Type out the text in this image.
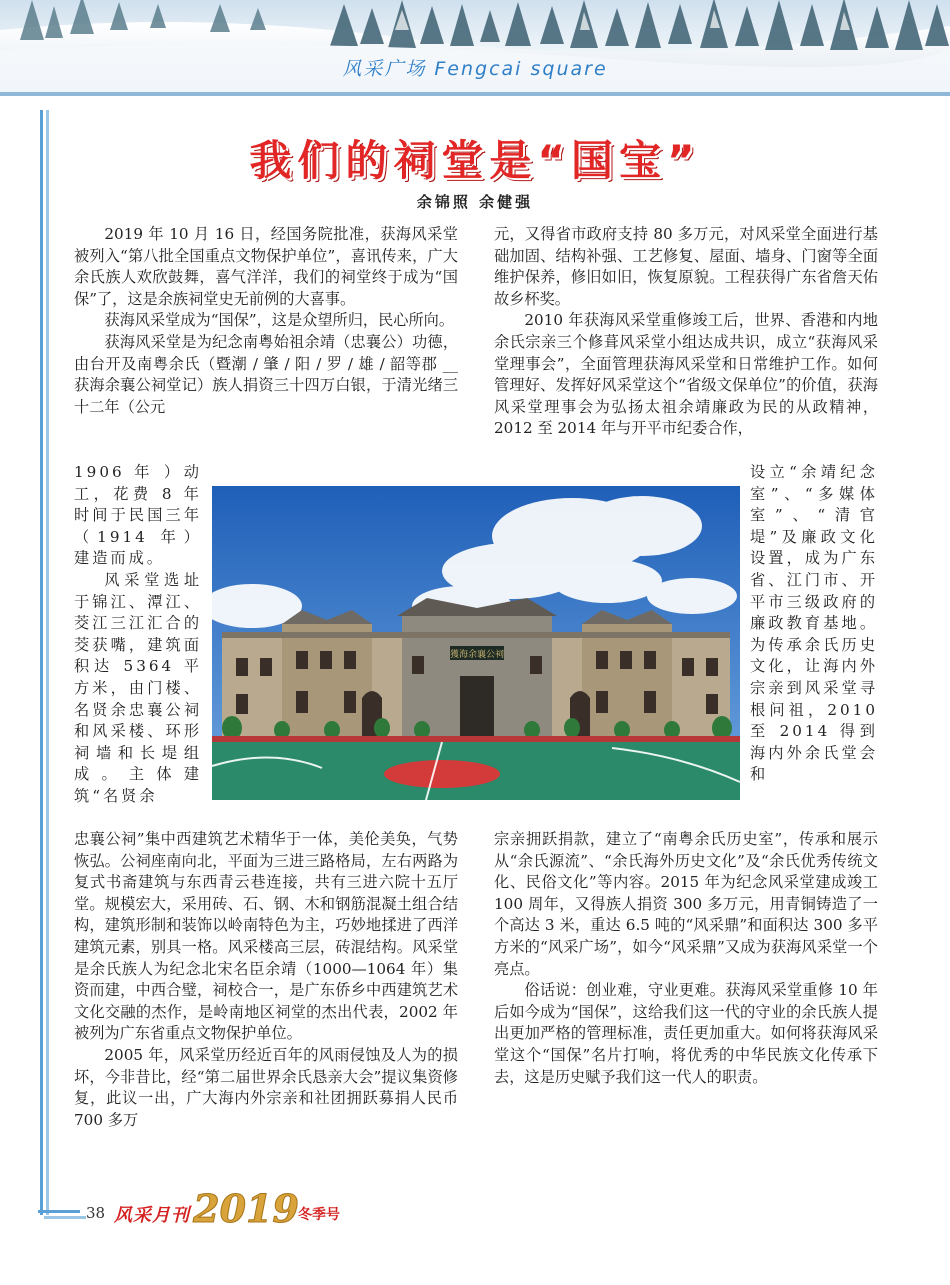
风采广场 Fengcai square
我们的祠堂是“国宝”
余锦照 余健强

2019 年 10 月 16 日，经国务院批准，获海风采堂被列入“第八批全国重点文物保护单位”，喜讯传来，广大余氏族人欢欣鼓舞，喜气洋洋，我们的祠堂终于成为“国保”了，这是余族祠堂史无前例的大喜事。

获海风采堂成为“国保”，这是众望所归，民心所向。

获海风采堂是为纪念南粤始祖余靖（忠襄公）功德，由台开及南粤余氏（暨潮 / 肇 / 阳 / 罗 / 雄 / 韶等郡 __ 获海余襄公祠堂记）族人捐资三十四万白银，于清光绪三十二年（公元

1906 年 ）动工，花费 8 年时间于民国三年（1914 年）建造而成。

风采堂选址于锦江、潭江、茭江三江汇合的茭获嘴，建筑面积达 5364 平方米，由门楼、名贤余忠襄公祠和风采楼、环形祠墙和长堤组成。主体建筑“名贤余

忠襄公祠”集中西建筑艺术精华于一体，美伦美奂，气势恢弘。公祠座南向北，平面为三进三路格局，左右两路为复式书斋建筑与东西青云巷连接，共有三进六院十五厅堂。规模宏大，采用砖、石、钢、木和钢筋混凝土组合结构，建筑形制和装饰以岭南特色为主，巧妙地揉进了西洋建筑元素，别具一格。风采楼高三层，砖混结构。风采堂是余氏族人为纪念北宋名臣余靖（1000—1064 年）集资而建，中西合璧，祠校合一，是广东侨乡中西建筑艺术文化交融的杰作，是岭南地区祠堂的杰出代表，2002 年被列为广东省重点文物保护单位。

2005 年，风采堂历经近百年的风雨侵蚀及人为的损坏，今非昔比，经“第二届世界余氏恳亲大会”提议集资修复，此议一出，广大海内外宗亲和社团拥跃募捐人民币 700 多万

元，又得省市政府支持 80 多万元，对风采堂全面进行基础加固、结构补强、工艺修复、屋面、墙身、门窗等全面维护保养，修旧如旧，恢复原貌。工程获得广东省詹天佑故乡杯奖。

2010 年获海风采堂重修竣工后，世界、香港和内地余氏宗亲三个修葺风采堂小组达成共识，成立“获海风采堂理事会”，全面管理获海风采堂和日常维护工作。如何管理好、发挥好风采堂这个“省级文保单位”的价值，获海风采堂理事会为弘扬太祖余靖廉政为民的从政精神，2012 至 2014 年与开平市纪委合作，

设立“余靖纪念室”、“多媒体室”、“清官堤”及廉政文化设置，成为广东省、江门市、开平市三级政府的廉政教育基地。为传承余氏历史文化，让海内外宗亲到风采堂寻根问祖，2010 至 2014 得到海内外余氏堂会和

宗亲拥跃捐款，建立了“南粤余氏历史室”，传承和展示从“余氏源流”、“余氏海外历史文化”及“余氏优秀传统文化、民俗文化”等内容。2015 年为纪念风采堂建成竣工 100 周年，又得族人捐资 300 多万元，用青铜铸造了一个高达 3 米，重达 6.5 吨的“风采鼎”和面积达 300 多平方米的“风采广场”，如今“风采鼎”又成为获海风采堂一个亮点。

俗话说：创业难，守业更难。获海风采堂重修 10 年后如今成为“国保”，这给我们这一代的守业的余氏族人提出更加严格的管理标准，责任更加重大。如何将获海风采堂这个“国保”名片打响，将优秀的中华民族文化传承下去，这是历史赋予我们这一代人的职责。

獲海余襄公祠
38 风采月刊 2019 冬季号
